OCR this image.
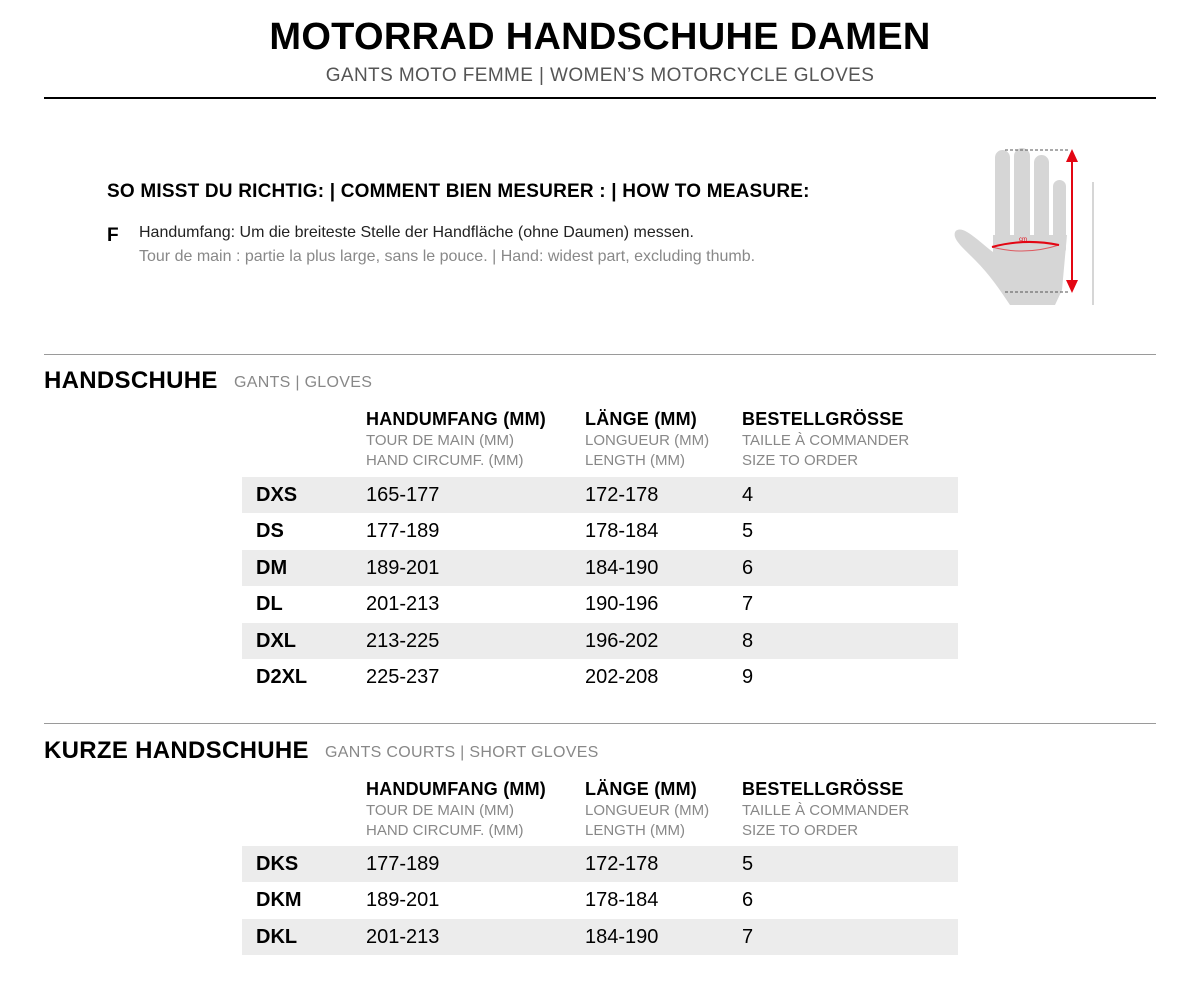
MOTORRAD HANDSCHUHE DAMEN
GANTS MOTO FEMME | WOMEN’S MOTORCYCLE GLOVES
SO MISST DU RICHTIG: | COMMENT BIEN MESURER : | HOW TO MEASURE:
F Handumfang: Um die breiteste Stelle der Handfläche (ohne Daumen) messen.
Tour de main : partie la plus large, sans le pouce. | Hand: widest part, excluding thumb.
cm
HANDSCHUHE GANTS | GLOVES
HANDUMFANG (MM)
TOUR DE MAIN (MM)
HAND CIRCUMF. (MM)
LÄNGE (MM)
LONGUEUR (MM)
LENGTH (MM)
BESTELLGRÖSSE
TAILLE À COMMANDER
SIZE TO ORDER
DXS	165-177	172-178	4
DS	177-189	178-184	5
DM	189-201	184-190	6
DL	201-213	190-196	7
DXL	213-225	196-202	8
D2XL	225-237	202-208	9
KURZE HANDSCHUHE GANTS COURTS | SHORT GLOVES
HANDUMFANG (MM)
TOUR DE MAIN (MM)
HAND CIRCUMF. (MM)
LÄNGE (MM)
LONGUEUR (MM)
LENGTH (MM)
BESTELLGRÖSSE
TAILLE À COMMANDER
SIZE TO ORDER
DKS	177-189	172-178	5
DKM	189-201	178-184	6
DKL	201-213	184-190	7
